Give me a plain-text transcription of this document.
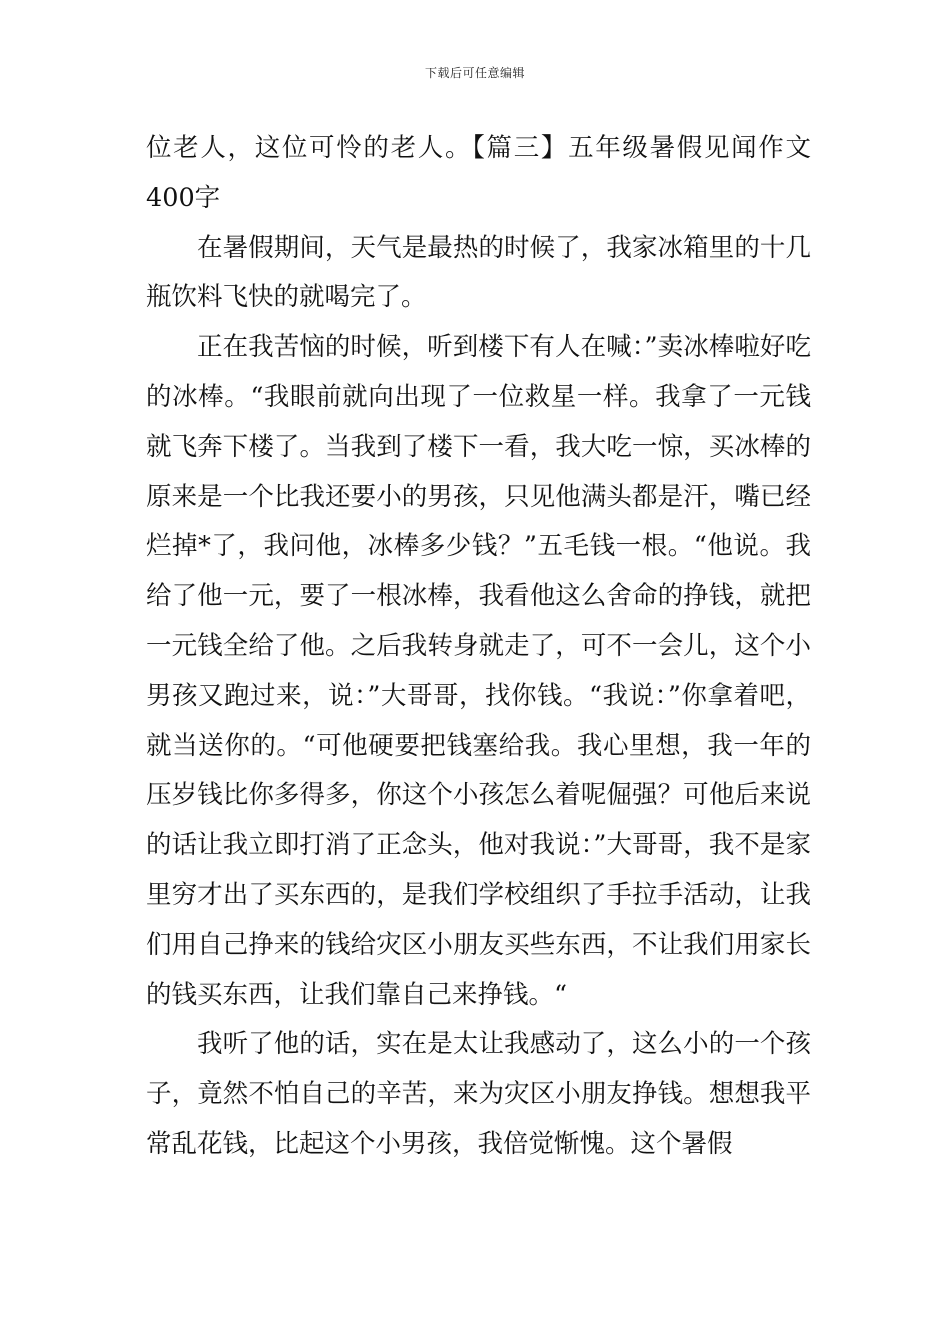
下载后可任意编辑

位老人，这位可怜的老人。【篇三】五年级暑假见闻作文400字

在暑假期间，天气是最热的时候了，我家冰箱里的十几瓶饮料飞快的就喝完了。

正在我苦恼的时候，听到楼下有人在喊：”卖冰棒啦好吃的冰棒。“我眼前就向出现了一位救星一样。我拿了一元钱就飞奔下楼了。当我到了楼下一看，我大吃一惊，买冰棒的原来是一个比我还要小的男孩，只见他满头都是汗，嘴已经烂掉*了，我问他，冰棒多少钱？”五毛钱一根。“他说。我给了他一元，要了一根冰棒，我看他这么舍命的挣钱，就把一元钱全给了他。之后我转身就走了，可不一会儿，这个小男孩又跑过来，说：”大哥哥，找你钱。“我说：”你拿着吧，就当送你的。“可他硬要把钱塞给我。我心里想，我一年的压岁钱比你多得多，你这个小孩怎么着呢倔强？可他后来说的话让我立即打消了正念头，他对我说：”大哥哥，我不是家里穷才出了买东西的，是我们学校组织了手拉手活动，让我们用自己挣来的钱给灾区小朋友买些东西，不让我们用家长的钱买东西，让我们靠自己来挣钱。“

我听了他的话，实在是太让我感动了，这么小的一个孩子，竟然不怕自己的辛苦，来为灾区小朋友挣钱。想想我平常乱花钱，比起这个小男孩，我倍觉惭愧。这个暑假
